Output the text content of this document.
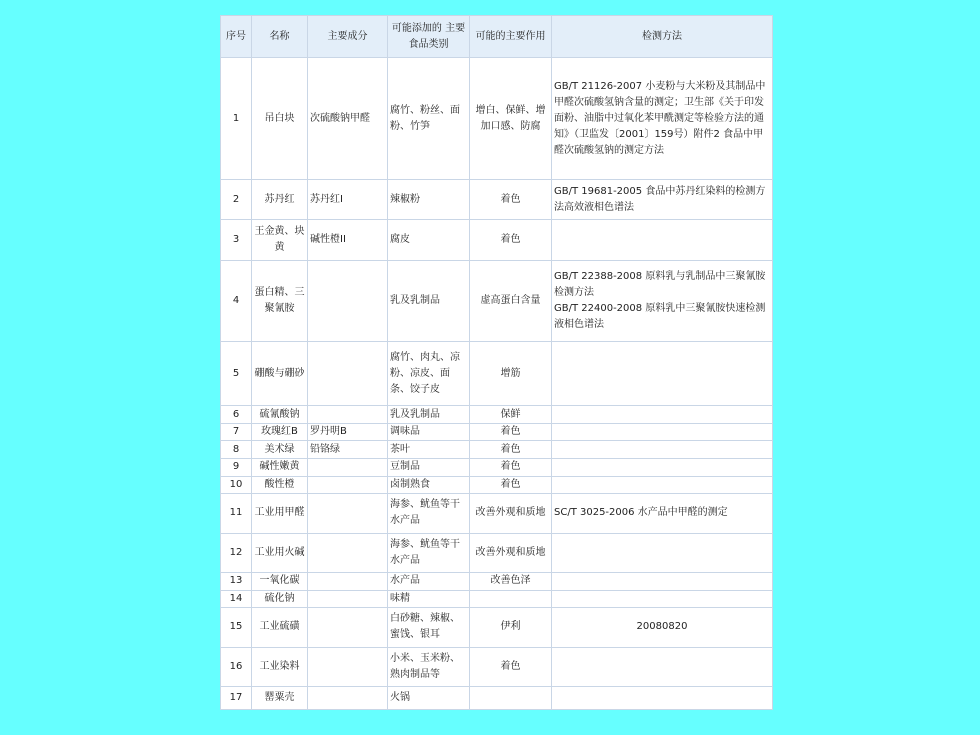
序号	名称	主要成分	可能添加的 主要食品类别	可能的主要作用	检测方法
1	吊白块	次硫酸钠甲醛	腐竹、粉丝、面粉、竹笋	增白、保鲜、增加口感、防腐	GB/T 21126-2007 小麦粉与大米粉及其制品中甲醛次硫酸氢钠含量的测定；卫生部《关于印发面粉、油脂中过氧化苯甲酰测定等检验方法的通知》（卫监发〔2001〕159号）附件2 食品中甲醛次硫酸氢钠的测定方法
2	苏丹红	苏丹红I	辣椒粉	着色	GB/T 19681-2005 食品中苏丹红染料的检测方法高效液相色谱法
3	王金黄、块黄	碱性橙II	腐皮	着色	
4	蛋白精、三聚氰胺		乳及乳制品	虚高蛋白含量	GB/T 22388-2008 原料乳与乳制品中三聚氰胺检测方法
GB/T 22400-2008 原料乳中三聚氰胺快速检测液相色谱法
5	硼酸与硼砂		腐竹、肉丸、凉粉、凉皮、面条、饺子皮	增筋	
6	硫氰酸钠		乳及乳制品	保鲜	
7	玫瑰红B	罗丹明B	调味品	着色	
8	美术绿	铅铬绿	茶叶	着色	
9	碱性嫩黄		豆制品	着色	
10	酸性橙		卤制熟食	着色	
11	工业用甲醛		海参、鱿鱼等干水产品	改善外观和质地	SC/T 3025-2006 水产品中甲醛的测定
12	工业用火碱		海参、鱿鱼等干水产品	改善外观和质地	
13	一氧化碳		水产品	改善色泽	
14	硫化钠		味精		
15	工业硫磺		白砂糖、辣椒、蜜饯、银耳	伊利	20080820
16	工业染料		小米、玉米粉、熟肉制品等	着色	
17	罂粟壳		火锅		
